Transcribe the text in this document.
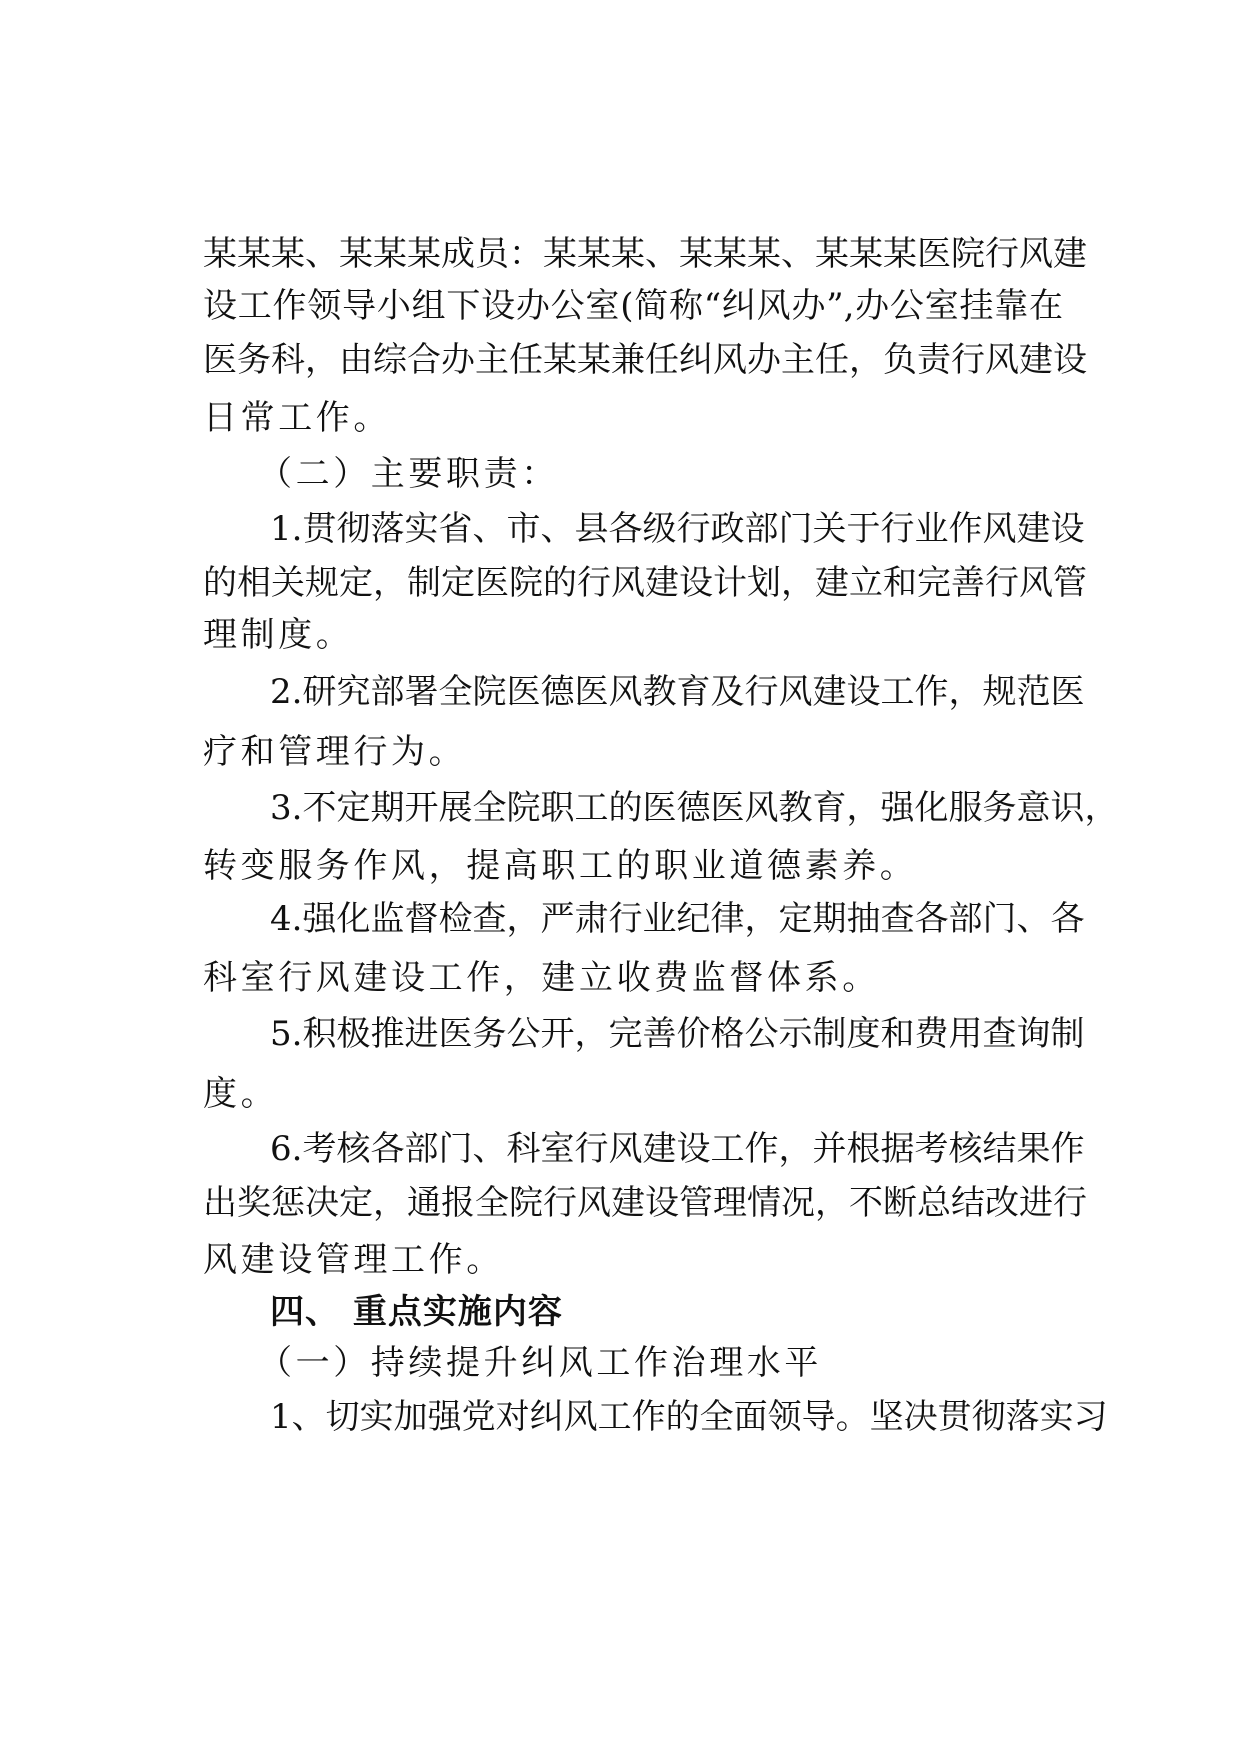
某某某、某某某成员：某某某、某某某、某某某医院行风建
设工作领导小组下设办公室(简称“纠风办”,办公室挂靠在
医务科，由综合办主任某某兼任纠风办主任，负责行风建设
日常工作。
（二）主要职责：
1.贯彻落实省、市、县各级行政部门关于行业作风建设
的相关规定，制定医院的行风建设计划，建立和完善行风管
理制度。
2.研究部署全院医德医风教育及行风建设工作，规范医
疗和管理行为。
3.不定期开展全院职工的医德医风教育，强化服务意识，
转变服务作风，提高职工的职业道德素养。
4.强化监督检查，严肃行业纪律，定期抽查各部门、各
科室行风建设工作，建立收费监督体系。
5.积极推进医务公开，完善价格公示制度和费用查询制
度。
6.考核各部门、科室行风建设工作，并根据考核结果作
出奖惩决定，通报全院行风建设管理情况，不断总结改进行
风建设管理工作。
四、 重点实施内容
（一）持续提升纠风工作治理水平
1、切实加强党对纠风工作的全面领导。坚决贯彻落实习
